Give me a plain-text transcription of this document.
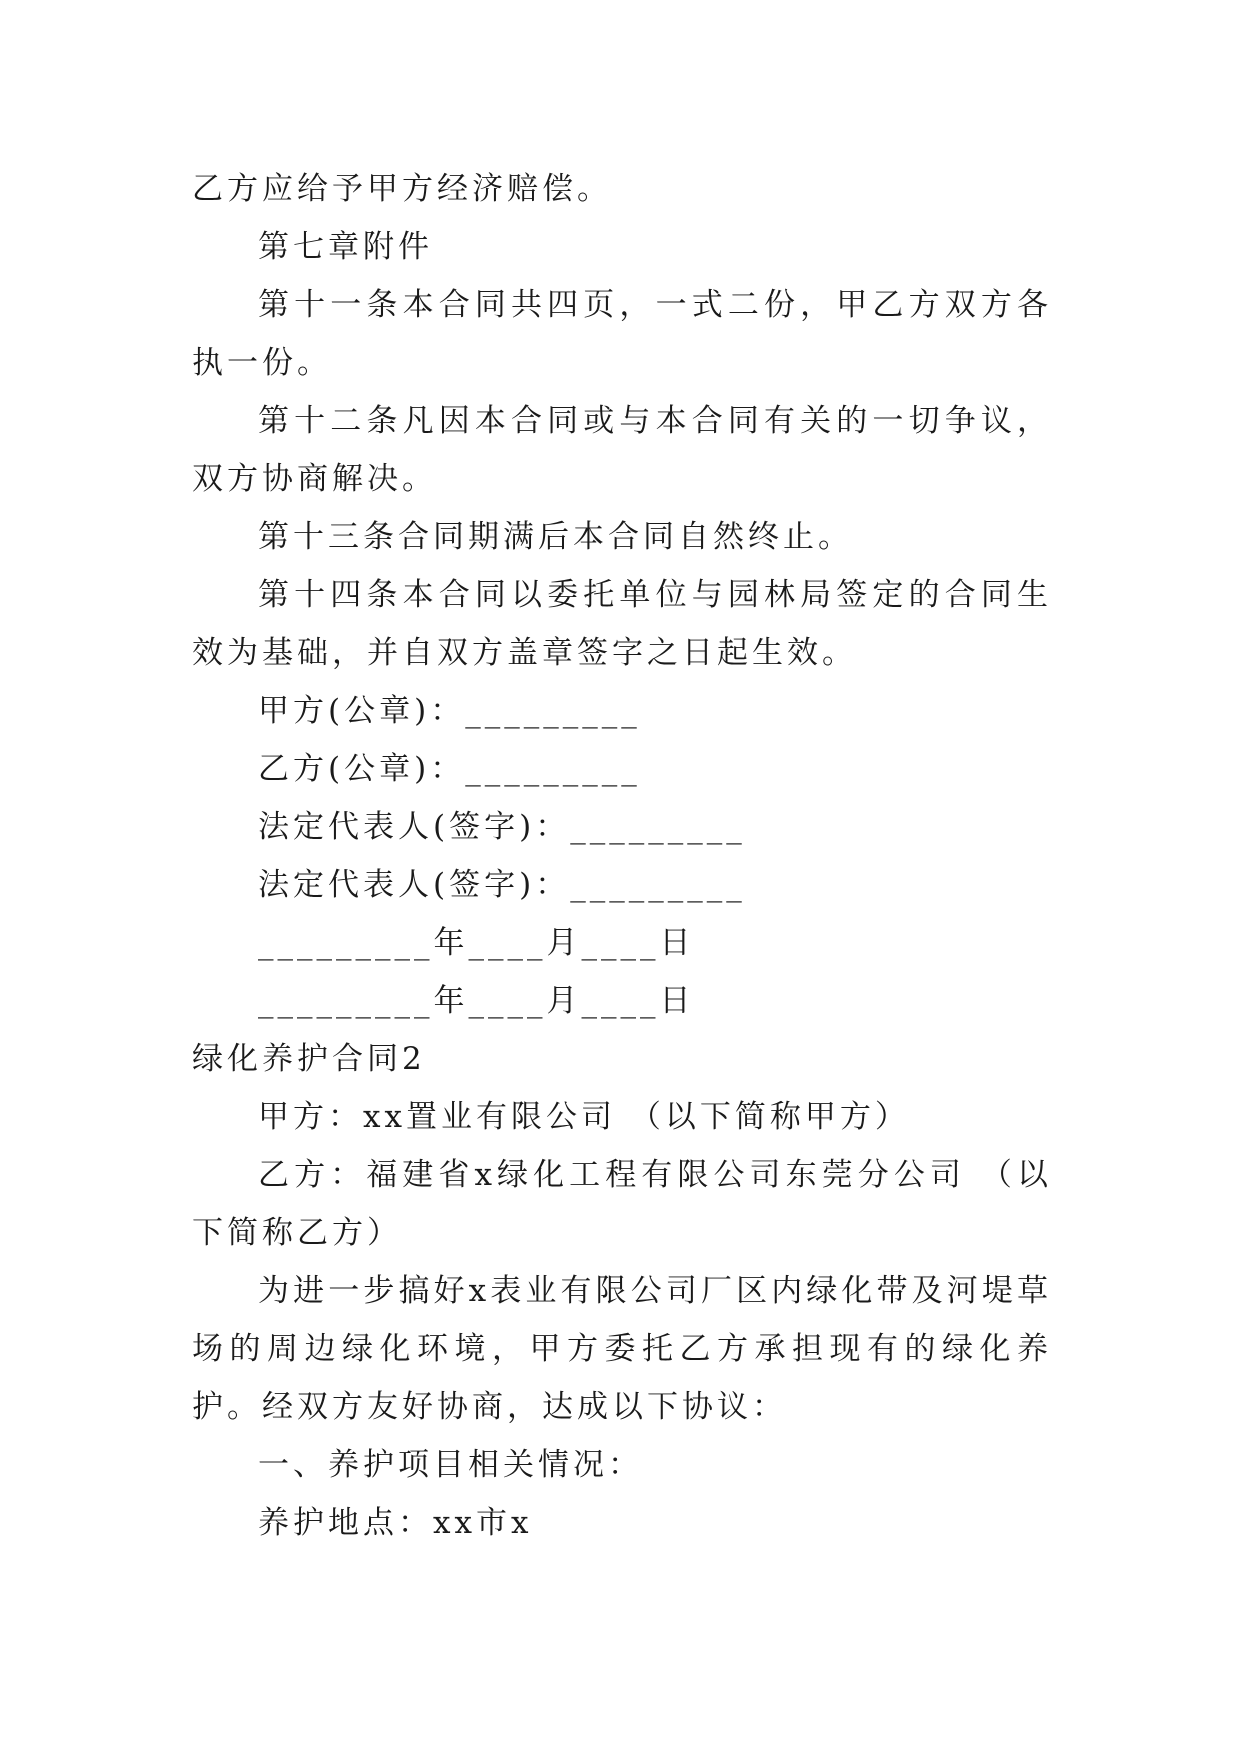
乙方应给予甲方经济赔偿。

第七章附件

第十一条本合同共四页，一式二份，甲乙方双方各执一份。

第十二条凡因本合同或与本合同有关的一切争议，双方协商解决。

第十三条合同期满后本合同自然终止。

第十四条本合同以委托单位与园林局签定的合同生效为基础，并自双方盖章签字之日起生效。

甲方(公章)：_________

乙方(公章)：_________

法定代表人(签字)：_________

法定代表人(签字)：_________

_________年____月____日

_________年____月____日

绿化养护合同2

甲方：xx置业有限公司 （以下简称甲方）

乙方：福建省x绿化工程有限公司东莞分公司 （以下简称乙方）

为进一步搞好x表业有限公司厂区内绿化带及河堤草场的周边绿化环境，甲方委托乙方承担现有的绿化养护。经双方友好协商，达成以下协议：

一、养护项目相关情况：

养护地点：xx市x
